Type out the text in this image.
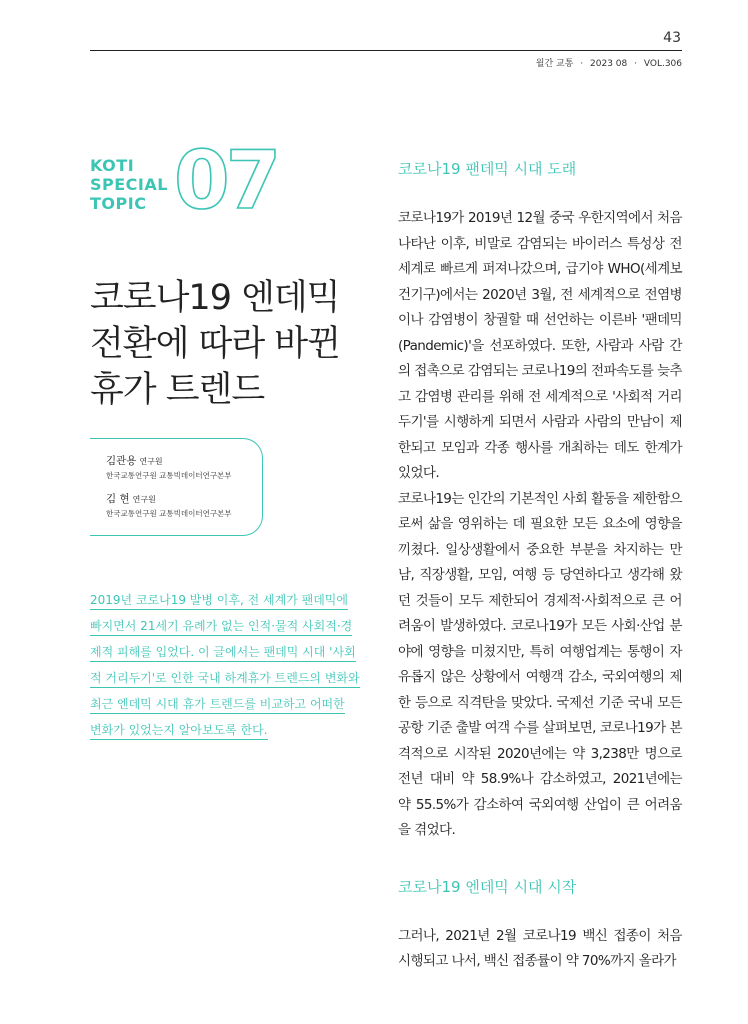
43
월간 교통 · 2023 08 · VOL.306
KOTI
SPECIAL
TOPIC 07
코로나19 엔데믹
전환에 따라 바뀐
휴가 트렌드
김관용 연구원
한국교통연구원 교통빅데이터연구본부
김 현 연구원
한국교통연구원 교통빅데이터연구본부
2019년 코로나19 발병 이후, 전 세계가 팬데믹에 빠지면서 21세기 유례가 없는 인적·물적 사회적·경제적 피해를 입었다. 이 글에서는 팬데믹 시대 '사회적 거리두기'로 인한 국내 하계휴가 트렌드의 변화와 최근 엔데믹 시대 휴가 트렌드를 비교하고 어떠한 변화가 있었는지 알아보도록 한다.
코로나19 팬데믹 시대 도래

코로나19가 2019년 12월 중국 우한지역에서 처음 나타난 이후, 비말로 감염되는 바이러스 특성상 전 세계로 빠르게 퍼져나갔으며, 급기야 WHO(세계보건기구)에서는 2020년 3월, 전 세계적으로 전염병이나 감염병이 창궐할 때 선언하는 이른바 '팬데믹(Pandemic)'을 선포하였다. 또한, 사람과 사람 간의 접촉으로 감염되는 코로나19의 전파속도를 늦추고 감염병 관리를 위해 전 세계적으로 '사회적 거리두기'를 시행하게 되면서 사람과 사람의 만남이 제한되고 모임과 각종 행사를 개최하는 데도 한계가 있었다.

코로나19는 인간의 기본적인 사회 활동을 제한함으로써 삶을 영위하는 데 필요한 모든 요소에 영향을 끼쳤다. 일상생활에서 중요한 부분을 차지하는 만남, 직장생활, 모임, 여행 등 당연하다고 생각해 왔던 것들이 모두 제한되어 경제적·사회적으로 큰 어려움이 발생하였다. 코로나19가 모든 사회·산업 분야에 영향을 미쳤지만, 특히 여행업계는 통행이 자유롭지 않은 상황에서 여행객 감소, 국외여행의 제한 등으로 직격탄을 맞았다. 국제선 기준 국내 모든 공항 기준 출발 여객 수를 살펴보면, 코로나19가 본격적으로 시작된 2020년에는 약 3,238만 명으로 전년 대비 약 58.9%나 감소하였고, 2021년에는 약 55.5%가 감소하여 국외여행 산업이 큰 어려움을 겪었다.

코로나19 엔데믹 시대 시작

그러나, 2021년 2월 코로나19 백신 접종이 처음 시행되고 나서, 백신 접종률이 약 70%까지 올라가
